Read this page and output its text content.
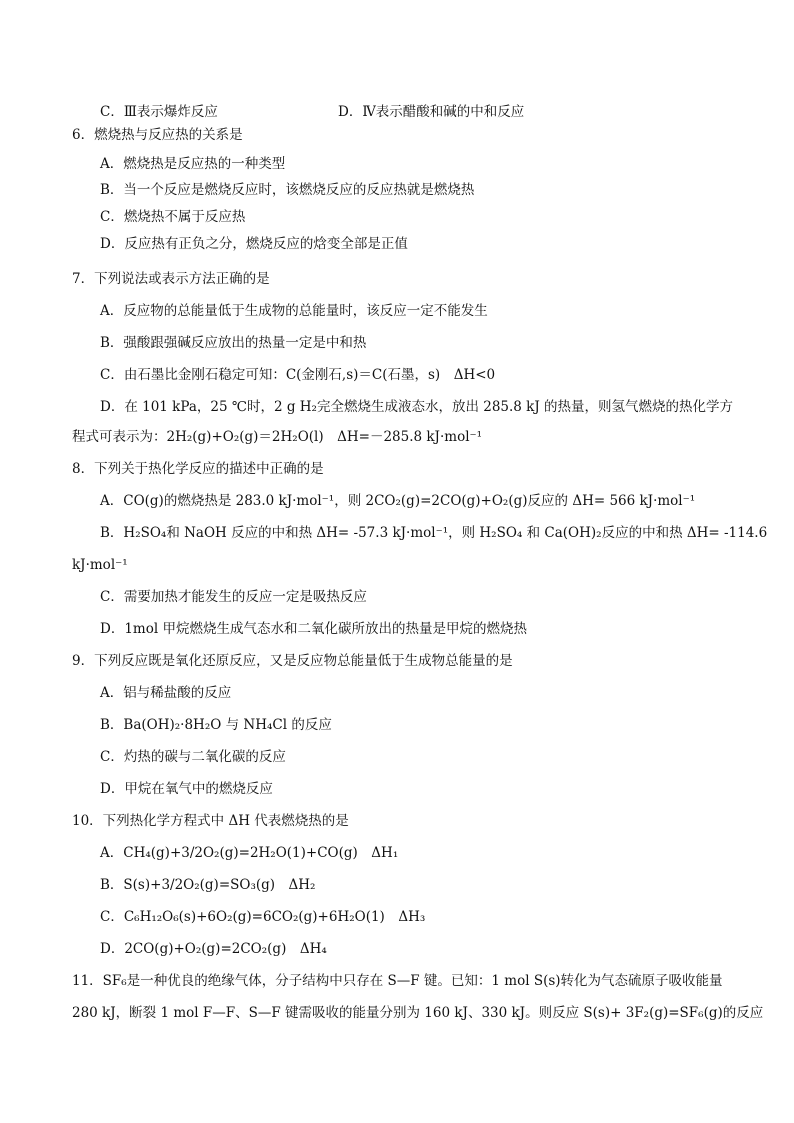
C．Ⅲ表示爆炸反应	D．Ⅳ表示醋酸和碱的中和反应
6．燃烧热与反应热的关系是
A．燃烧热是反应热的一种类型
B．当一个反应是燃烧反应时，该燃烧反应的反应热就是燃烧热
C．燃烧热不属于反应热
D．反应热有正负之分，燃烧反应的焓变全部是正值
7．下列说法或表示方法正确的是
A．反应物的总能量低于生成物的总能量时，该反应一定不能发生
B．强酸跟强碱反应放出的热量一定是中和热
C．由石墨比金刚石稳定可知：C(金刚石,s)＝C(石墨，s)　ΔH<0
D．在 101 kPa，25 ℃时，2 g H₂完全燃烧生成液态水，放出 285.8 kJ 的热量，则氢气燃烧的热化学方
程式可表示为：2H₂(g)+O₂(g)＝2H₂O(l)　ΔH=－285.8 kJ·mol⁻¹
8．下列关于热化学反应的描述中正确的是
A．CO(g)的燃烧热是 283.0 kJ·mol⁻¹，则 2CO₂(g)=2CO(g)+O₂(g)反应的 ΔH= 566 kJ·mol⁻¹
B．H₂SO₄和 NaOH 反应的中和热 ΔH= -57.3 kJ·mol⁻¹，则 H₂SO₄ 和 Ca(OH)₂反应的中和热 ΔH= -114.6
kJ·mol⁻¹
C．需要加热才能发生的反应一定是吸热反应
D．1mol 甲烷燃烧生成气态水和二氧化碳所放出的热量是甲烷的燃烧热
9．下列反应既是氧化还原反应，又是反应物总能量低于生成物总能量的是
A．铝与稀盐酸的反应
B．Ba(OH)₂·8H₂O 与 NH₄Cl 的反应
C．灼热的碳与二氧化碳的反应
D．甲烷在氧气中的燃烧反应
10．下列热化学方程式中 ΔH 代表燃烧热的是
A．CH₄(g)+3/2O₂(g)=2H₂O(1)+CO(g)　ΔH₁
B．S(s)+3/2O₂(g)=SO₃(g)　ΔH₂
C．C₆H₁₂O₆(s)+6O₂(g)=6CO₂(g)+6H₂O(1)　ΔH₃
D．2CO(g)+O₂(g)=2CO₂(g)　ΔH₄
11．SF₆是一种优良的绝缘气体，分子结构中只存在 S—F 键。已知：1 mol S(s)转化为气态硫原子吸收能量
280 kJ，断裂 1 mol F—F、S—F 键需吸收的能量分别为 160 kJ、330 kJ。则反应 S(s)+ 3F₂(g)=SF₆(g)的反应
